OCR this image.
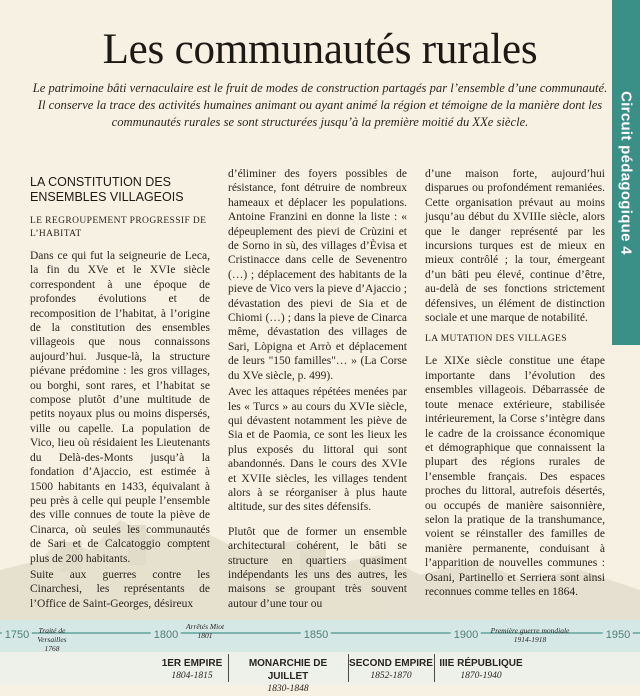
Circuit pédagogique 4
Les communautés rurales

Le patrimoine bâti vernaculaire est le fruit de modes de construction partagés par l’ensemble d’une communauté. Il conserve la trace des activités humaines animant ou ayant animé la région et témoigne de la manière dont les communautés rurales se sont structurées jusqu’à la première moitié du XXe siècle.

LA CONSTITUTION DES ENSEMBLES VILLAGEOIS
LE REGROUPEMENT PROGRESSIF DE L’HABITAT

Dans ce qui fut la seigneurie de Leca, la fin du XVe et le XVIe siècle correspondent à une époque de profondes évolutions et de recomposition de l’habitat, à l’origine de la constitution des ensembles villageois que nous connaissons aujourd’hui. Jusque-là, la structure piévane prédomine : les gros villages, ou borghi, sont rares, et l’habitat se compose plutôt d’une multitude de petits noyaux plus ou moins dispersés, ville ou capelle. La population de Vico, lieu où résidaient les Lieutenants du Delà-des-Monts jusqu’à la fondation d’Ajaccio, est estimée à 1500 habitants en 1433, équivalant à peu près à celle qui peuple l’ensemble des ville connues de toute la piève de Cinarca, où seules les communautés de Sari et de Calcatoggio comptent plus de 200 habitants.

Suite aux guerres contre les Cinarchesi, les représentants de l’Office de Saint-Georges, désireux

d’éliminer des foyers possibles de résistance, font détruire de nombreux hameaux et déplacer les populations. Antoine Franzini en donne la liste : « dépeuplement des pievi de Crùzini et de Sorno in sù, des villages d’Èvisa et Cristinacce dans celle de Sevenentro (…) ; déplacement des habitants de la pieve de Vico vers la pieve d’Ajaccio ; dévastation des pievi de Sia et de Chiomi (…) ; dans la pieve de Cinarca même, dévastation des villages de Sari, Lòpigna et Arrò et déplacement de leurs "150 familles"… » (La Corse du XVe siècle, p. 499).

Avec les attaques répétées menées par les « Turcs » au cours du XVIe siècle, qui dévastent notamment les piève de Sia et de Paomia, ce sont les lieux les plus exposés du littoral qui sont abandonnés. Dans le cours des XVIe et XVIIe siècles, les villages tendent alors à se réorganiser à plus haute altitude, sur des sites défensifs.

Plutôt que de former un ensemble architectural cohérent, le bâti se structure en quartiers quasiment indépendants les uns des autres, les maisons se groupant très souvent autour d’une tour ou

d’une maison forte, aujourd’hui disparues ou profondément remaniées. Cette organisation prévaut au moins jusqu’au début du XVIIIe siècle, alors que le danger représenté par les incursions turques est de mieux en mieux contrôlé ; la tour, émergeant d’un bâti peu élevé, continue d’être, au-delà de ses fonctions strictement défensives, un élément de distinction sociale et une marque de notabilité.

LA MUTATION DES VILLAGES

Le XIXe siècle constitue une étape importante dans l’évolution des ensembles villageois. Débarrassée de toute menace extérieure, stabilisée intérieurement, la Corse s’intègre dans le cadre de la croissance économique et démographique que connaissent la plupart des régions rurales de l’ensemble français. Des espaces proches du littoral, autrefois désertés, ou occupés de manière saisonnière, selon la pratique de la transhumance, voient se réinstaller des familles de manière permanente, conduisant à l’apparition de nouvelles communes : Osani, Partinello et Serriera sont ainsi reconnues comme telles en 1864.

1750	1800	1850	1900	1950
Traité de Versailles
1768
Arrêtés Miot
1801
Première guerre mondiale
1914-1918
1ER EMPIRE
1804-1815
MONARCHIE DE JUILLET
1830-1848
SECOND EMPIRE
1852-1870
IIIE RÉPUBLIQUE
1870-1940
